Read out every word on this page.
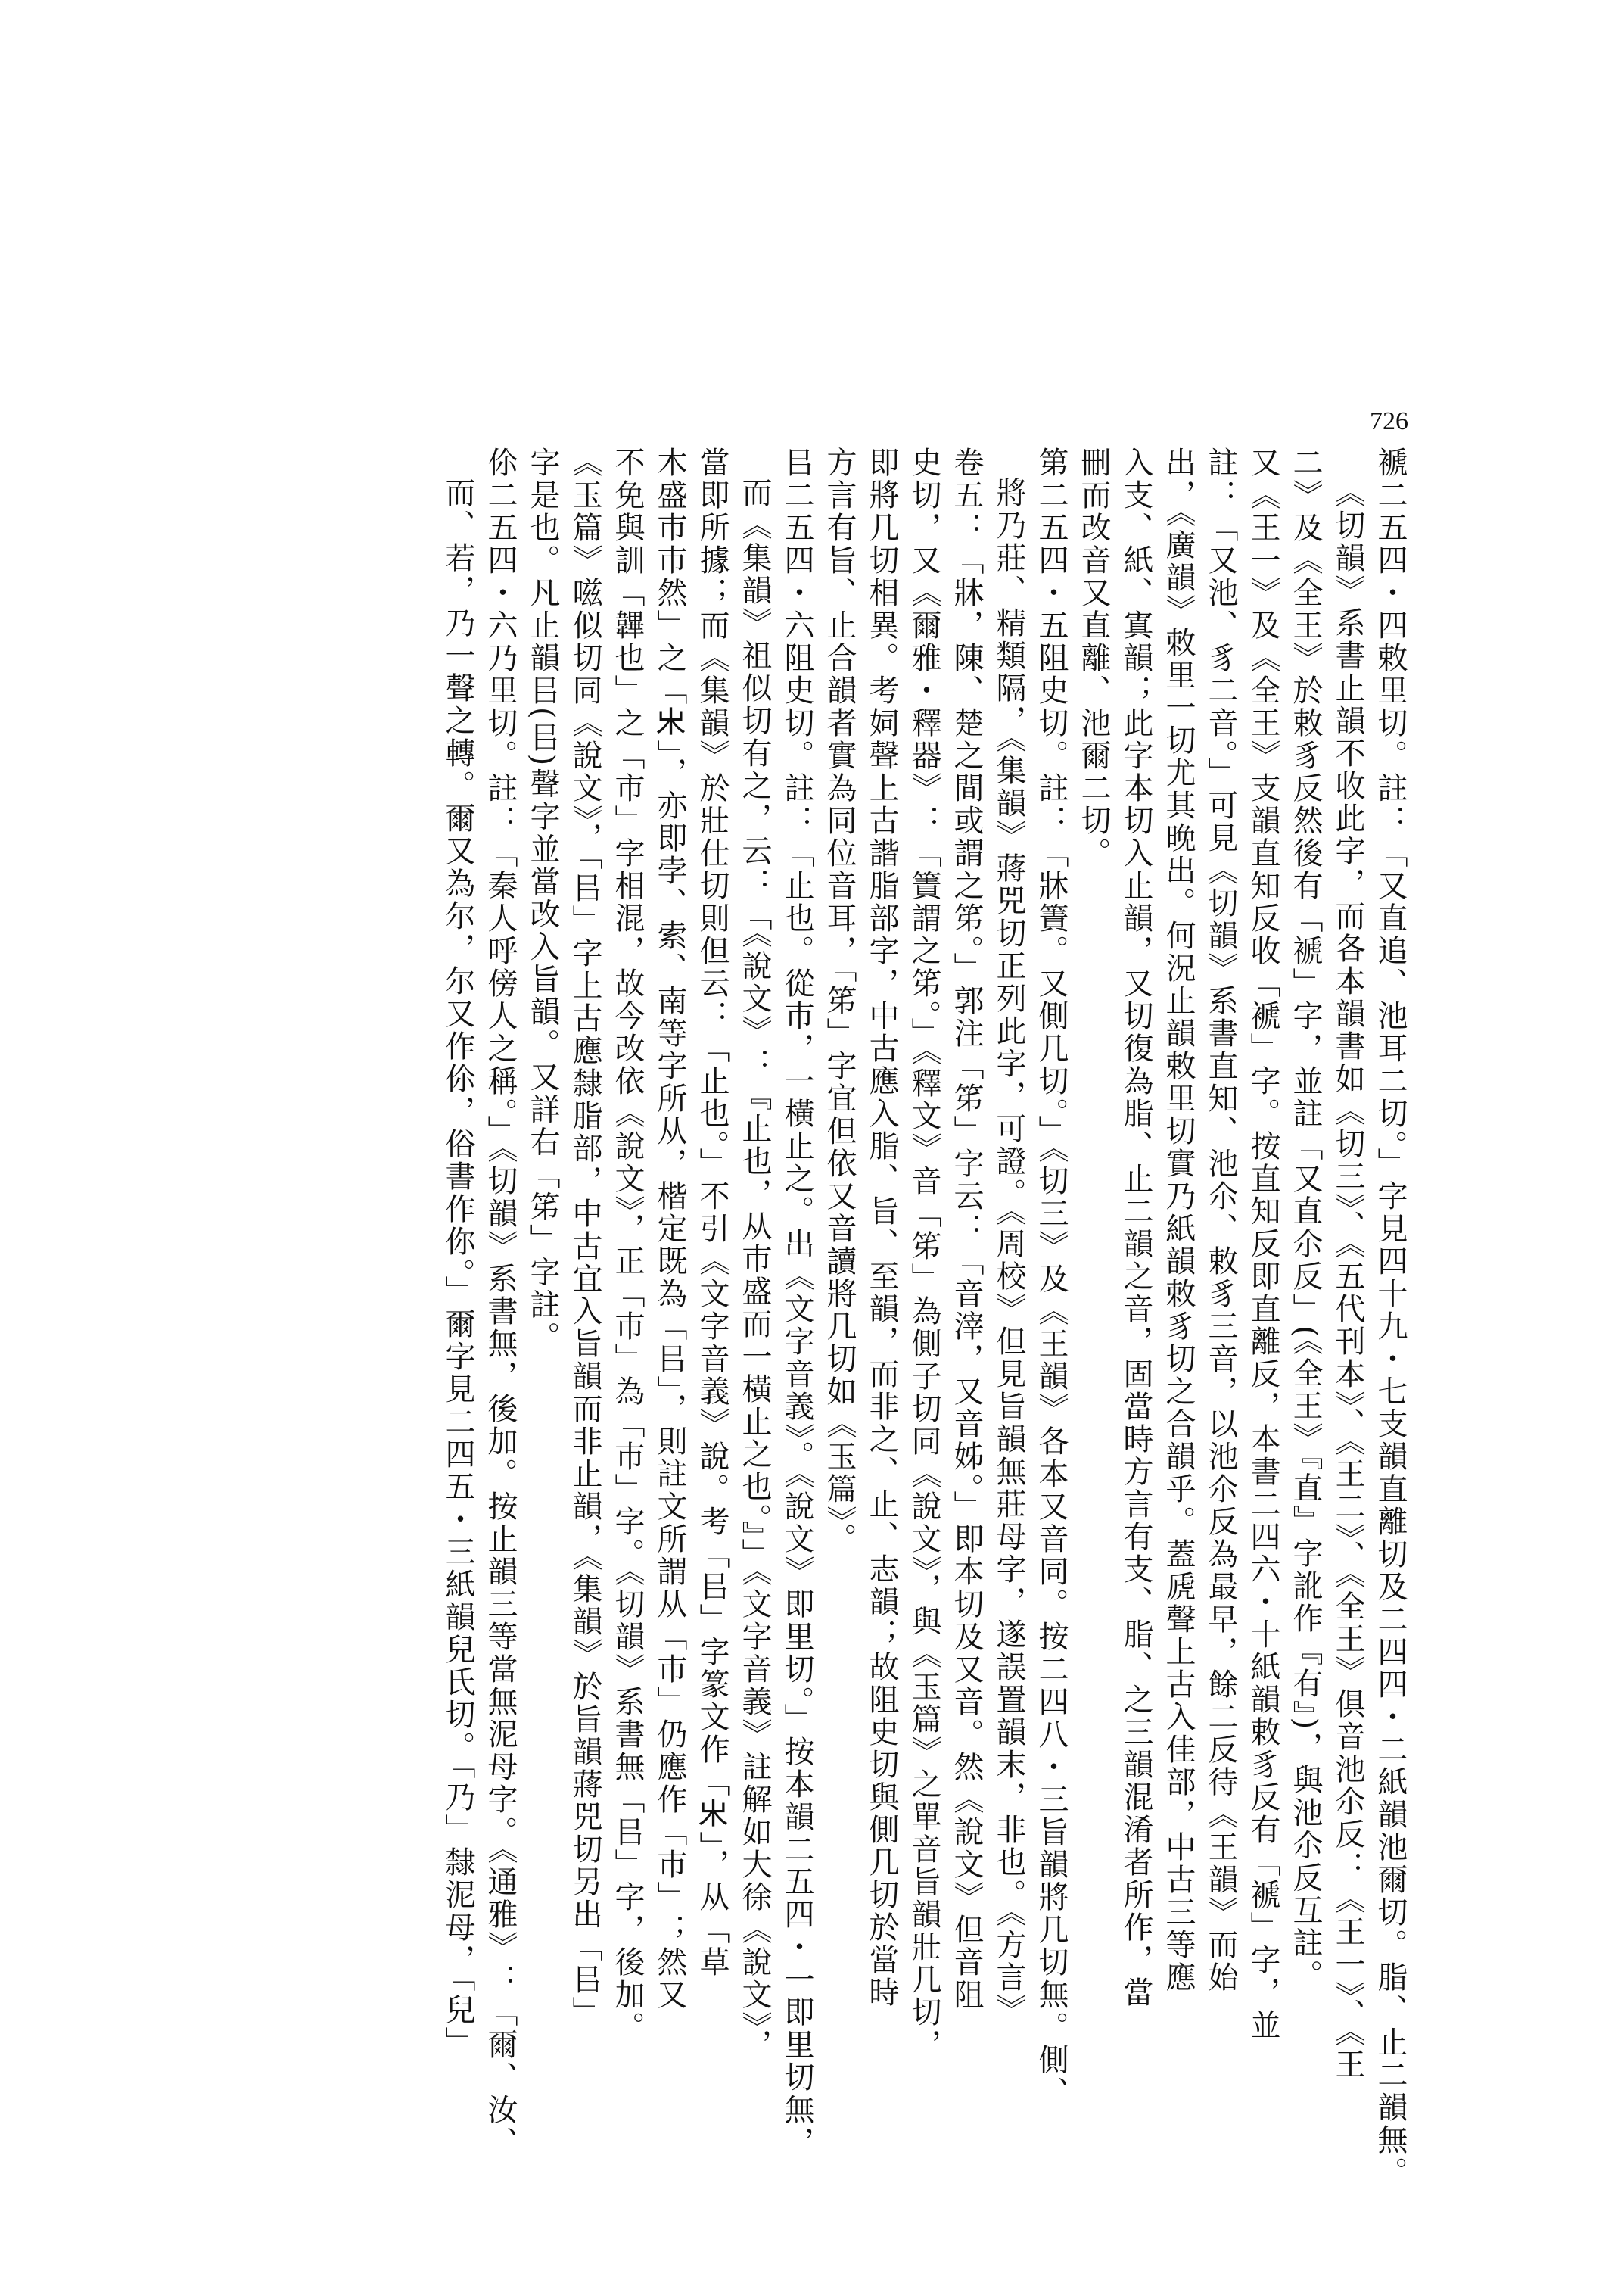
726
褫二五四・四敕里切。註：「又直追、池耳二切。」字見四十九・七支韻直離切及二四四・二紙韻池爾切。脂、止二韻無。
《切韻》系書止韻不收此字，而各本韻書如《切三》、《五代刊本》、《王二》、《全王》俱音池尒反：《王一》、《王
二》及《全王》於敕豸反然後有「褫」字，並註「又直尒反」(《全王》『直』字訛作『有』)，與池尒反互註。
又《王一》及《全王》支韻直知反收「褫」字。按直知反即直離反，本書二四六・十紙韻敕豸反有「褫」字，並
註：「又池、豸二音。」可見《切韻》系書直知、池尒、敕豸三音，以池尒反為最早，餘二反待《王韻》而始
出，《廣韻》敕里一切尤其晚出。何況止韻敕里切實乃紙韻敕豸切之合韻乎。蓋虒聲上古入佳部，中古三等應
入支、紙、寘韻；此字本切入止韻，又切復為脂、止二韻之音，固當時方言有支、脂、之三韻混淆者所作，當
刪而改音又直離、池爾二切。
第二五四・五阻史切。註：「牀簀。又側几切。」《切三》及《王韻》各本又音同。按二四八・三旨韻將几切無。側、
將乃莊、精類隔，《集韻》蔣兕切正列此字，可證。《周校》但見旨韻無莊母字，遂誤置韻末，非也。《方言》
卷五：「牀，陳、楚之間或謂之笫。」郭注「笫」字云：「音滓，又音姊。」即本切及又音。然《說文》但音阻
史切，又《爾雅・釋器》：「簀謂之笫。」《釋文》音「笫」為側子切同《說文》，與《玉篇》之單音旨韻壯几切，
即將几切相異。考㚸聲上古諧脂部字，中古應入脂、旨、至韻，而非之、止、志韻；故阻史切與側几切於當時
方言有旨、止合韻者實為同位音耳，「笫」字宜但依又音讀將几切如《玉篇》。
㠯二五四・六阻史切。註：「止也。從巿，一橫止之。出《文字音義》。《說文》即里切。」按本韻二五四・一即里切無，
而《集韻》祖似切有之，云：「《說文》：『止也，从巿盛而一橫止之也。』」《文字音義》註解如大徐《說文》，
當即所據；而《集韻》於壯仕切則但云：「止也。」不引《文字音義》說。考「㠯」字篆文作「𣎵」，从「草
木盛巿巿然」之「𣎵」，亦即孛、索、南等字所从，楷定既為「㠯」，則註文所謂从「巿」仍應作「巿」；然又
不免與訓「韠也」之「市」字相混，故今改依《說文》，正「巿」為「巿」字。《切韻》系書無「㠯」字，後加。
《玉篇》嗞似切同《說文》，「㠯」字上古應隸脂部，中古宜入旨韻而非止韻，《集韻》於旨韻蔣兕切另出「㠯」
字是也。凡止韻㠯(㠯)聲字並當改入旨韻。又詳右「笫」字註。
伱二五四・六乃里切。註：「秦人呼傍人之稱。」《切韻》系書無，後加。按止韻三等當無泥母字。《通雅》：「爾、汝、
而、若，乃一聲之轉。爾又為尔，尔又作伱，俗書作你。」爾字見二四五・三紙韻兒氏切。「乃」隸泥母，「兒」
